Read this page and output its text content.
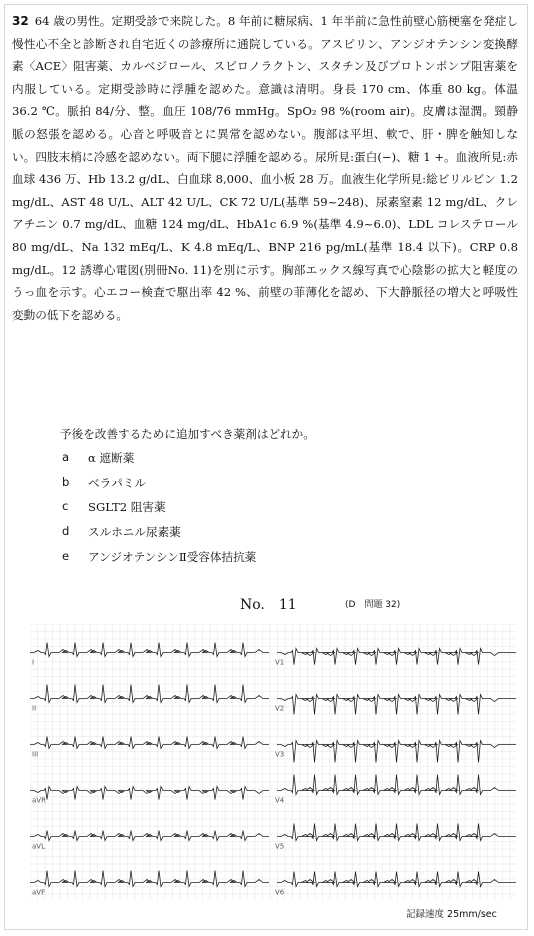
32 64 歳の男性。定期受診で来院した。8 年前に糖尿病、1 年半前に急性前壁心筋梗塞を発症し慢性心不全と診断され自宅近くの診療所に通院している。アスピリン、アンジオテンシン変換酵素〈ACE〉阻害薬、カルベジロール、スピロノラクトン、スタチン及びプロトンポンプ阻害薬を内服している。定期受診時に浮腫を認めた。意識は清明。身長 170 cm、体重 80 kg。体温 36.2 ℃。脈拍 84/分、整。血圧 108/76 mmHg。SpO₂ 98 %(room air)。皮膚は湿潤。頸静脈の怒張を認める。心音と呼吸音とに異常を認めない。腹部は平坦、軟で、肝・脾を触知しない。四肢末梢に冷感を認めない。両下腿に浮腫を認める。尿所見:蛋白(−)、糖 1 +。血液所見:赤血球 436 万、Hb 13.2 g/dL、白血球 8,000、血小板 28 万。血液生化学所見:総ビリルビン 1.2 mg/dL、AST 48 U/L、ALT 42 U/L、CK 72 U/L(基準 59~248)、尿素窒素 12 mg/dL、クレアチニン 0.7 mg/dL、血糖 124 mg/dL、HbA1c 6.9 %(基準 4.9~6.0)、LDL コレステロール 80 mg/dL、Na 132 mEq/L、K 4.8 mEq/L、BNP 216 pg/mL(基準 18.4 以下)。CRP 0.8 mg/dL。12 誘導心電図(別冊No. 11)を別に示す。胸部エックス線写真で心陰影の拡大と軽度のうっ血を示す。心エコー検査で駆出率 42 %、前壁の菲薄化を認め、下大静脈径の増大と呼吸性変動の低下を認める。
予後を改善するために追加すべき薬剤はどれか。
a	α 遮断薬
b	ベラパミル
c	SGLT2 阻害薬
d	スルホニル尿素薬
e	アンジオテンシンⅡ受容体拮抗薬
No.　11	(D　問題 32)
I	V1
II	V2
III	V3
aVR	V4
aVL	V5
aVF	V6
記録速度 25mm/sec
